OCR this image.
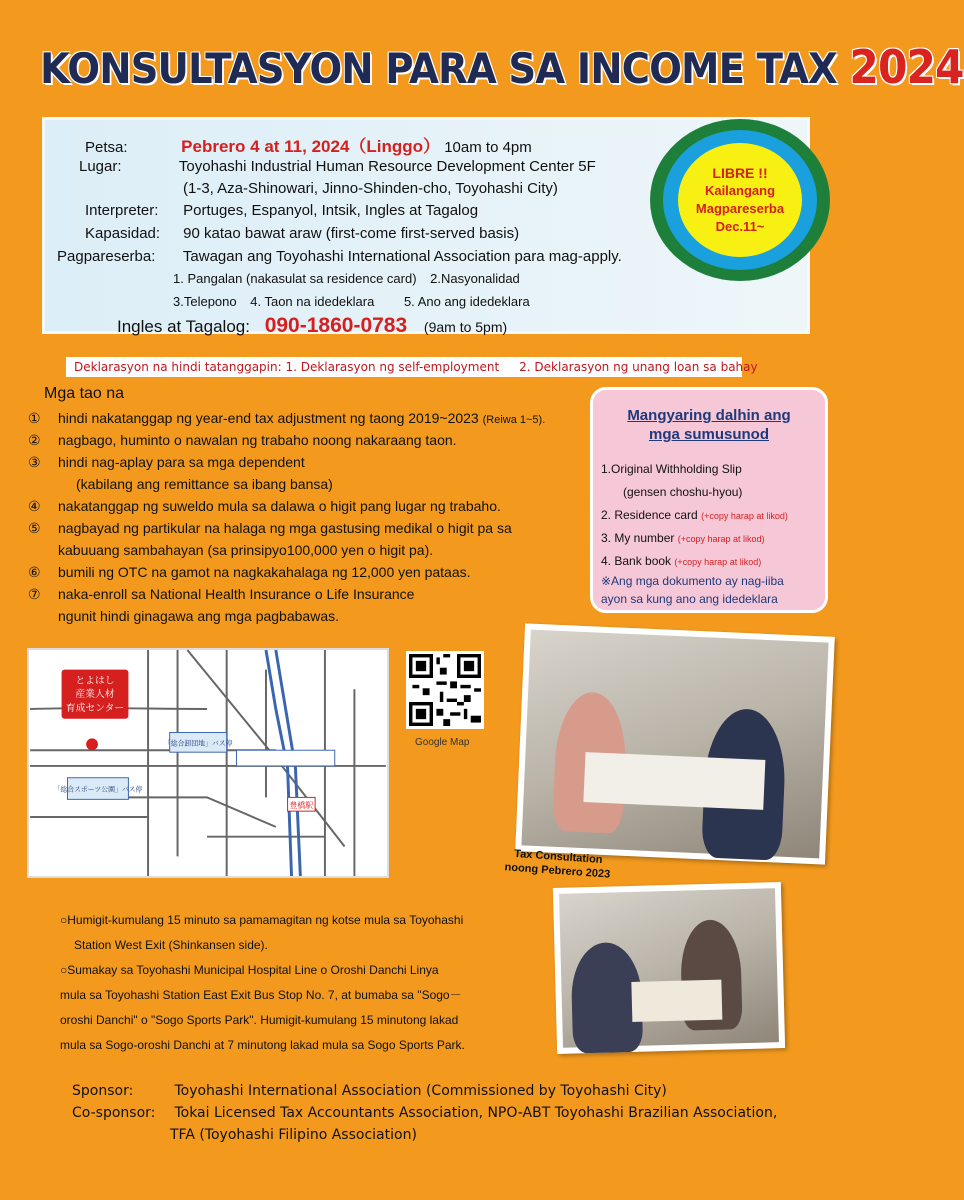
KONSULTASYON PARA SA INCOME TAX 2024
Petsa:	Pebrero 4 at 11, 2024（Linggo） 10am to 4pm
Lugar:	Toyohashi Industrial Human Resource Development Center 5F
(1-3, Aza-Shinowari, Jinno-Shinden-cho, Toyohashi City)
Interpreter: Portuges, Espanyol, Intsik, Ingles at Tagalog
Kapasidad: 90 katao bawat araw (first-come first-served basis)
Pagpareserba: Tawagan ang Toyohashi International Association para mag-apply.
1. Pangalan (nakasulat sa residence card) 2.Nasyonalidad
3.Telepono 4. Taon na idedeklara 5. Ano ang idedeklara
Ingles at Tagalog: 090-1860-0783 (9am to 5pm)
LIBRE !!
Kailangang
Magpareserba
Dec.11~
Deklarasyon na hindi tatanggapin: 1. Deklarasyon ng self-employment 2. Deklarasyon ng unang loan sa bahay
Mga tao na
① hindi nakatanggap ng year-end tax adjustment ng taong 2019~2023 (Reiwa 1~5).
② nagbago, huminto o nawalan ng trabaho noong nakaraang taon.
③ hindi nag-aplay para sa mga dependent
(kabilang ang remittance sa ibang bansa)
④ nakatanggap ng suweldo mula sa dalawa o higit pang lugar ng trabaho.
⑤ nagbayad ng partikular na halaga ng mga gastusing medikal o higit pa sa
kabuuang sambahayan (sa prinsipyo100,000 yen o higit pa).
⑥ bumili ng OTC na gamot na nagkakahalaga ng 12,000 yen pataas.
⑦ naka-enroll sa National Health Insurance o Life Insurance
ngunit hindi ginagawa ang mga pagbabawas.
Mangyaring dalhin ang
mga sumusunod
1.Original Withholding Slip
(gensen choshu-hyou)
2. Residence card (+copy harap at likod)
3. My number (+copy harap at likod)
4. Bank book (+copy harap at likod)
※Ang mga dokumento ay nag-iiba
ayon sa kung ano ang idedeklara
とよはし
産業人材
育成センター
「総合スポーツ公園」バス停
「総合卸団地」バス停
豊橋駅
Google Map
Tax Consultation
noong Pebrero 2023

○Humigit-kumulang 15 minuto sa pamamagitan ng kotse mula sa Toyohashi

Station West Exit (Shinkansen side).

○Sumakay sa Toyohashi Municipal Hospital Line o Oroshi Danchi Linya

mula sa Toyohashi Station East Exit Bus Stop No. 7, at bumaba sa "Sogo－

oroshi Danchi" o "Sogo Sports Park". Humigit-kumulang 15 minutong lakad

mula sa Sogo-oroshi Danchi at 7 minutong lakad mula sa Sogo Sports Park.

Sponsor:	Toyohashi International Association (Commissioned by Toyohashi City)
Co-sponsor: Tokai Licensed Tax Accountants Association, NPO-ABT Toyohashi Brazilian Association,
TFA (Toyohashi Filipino Association)
